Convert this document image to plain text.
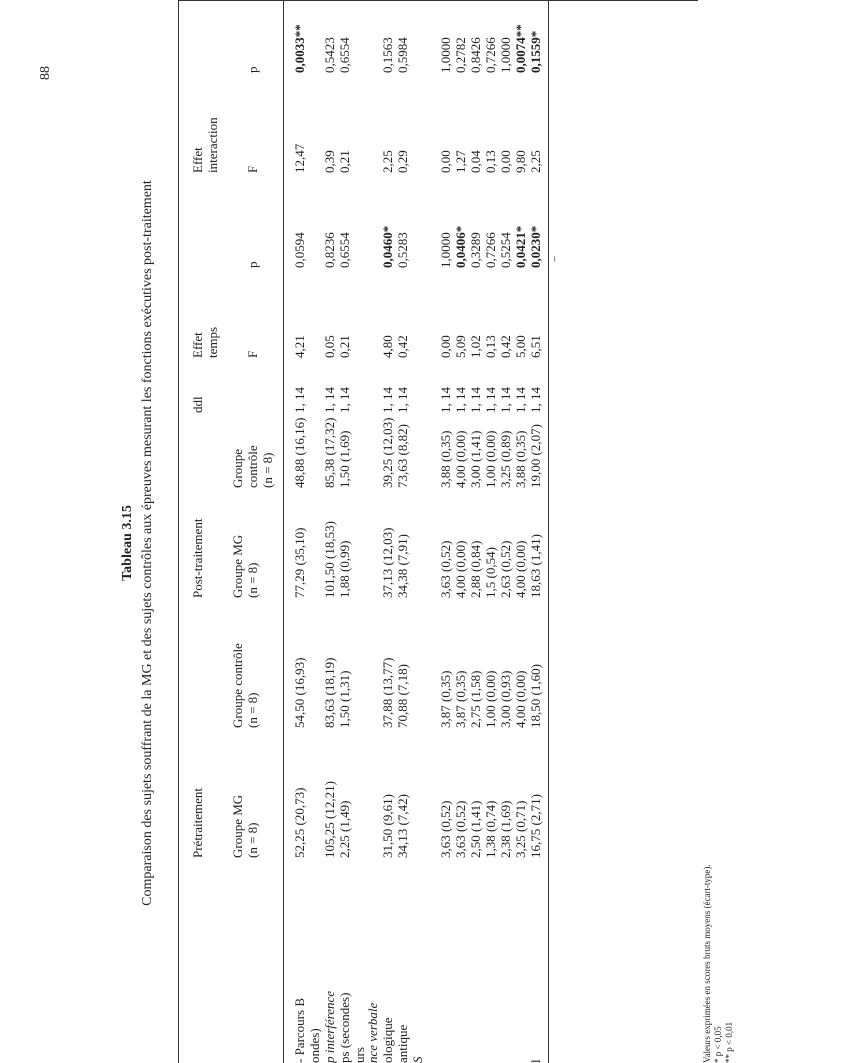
88
‾
Tableau 3.15 Comparaison des sujets souffrant de la MG et des sujets contrôles aux épreuves mesurant les fonctions exécutives post-traitement	Prétraitement
Post-traitement
ddl
Effet temps
Effet interaction
Groupe MG (n = 8)
Groupe contrôle (n = 8)
Groupe MG (n = 8)
Groupe contrôle (n = 8)
F
p
F
p
- Parcours B ondes) p interférence ps (secondes) urs
nce verbale ologique antique S
52,25 (20,73)
54,50 (16,93)
77,29 (35,10)
48,88 (16,16)
1, 14
4,21
0,0594
12,47
0,0033**
105,25 (12,21)
83,63 (18,19)
101,50 (18,53)
85,38 (17,32)
1, 14
0,05
0,8236
0,39
0,5423
2,25 (1,49)
1,50 (1,31)
1,88 (0,99)
1,50 (1,69)
1, 14
0,21
0,6554
0,21
0,6554
31,50 (9,61)
37,88 (13,77)
37,13 (12,03)
39,25 (12,03)
1, 14
4,80
0,0460*
2,25
0,1563
34,13 (7,42)
70,88 (7,18)
34,38 (7,91)
73,63 (8,82)
1, 14
0,42
0,5283
0,29
0,5984
3,63 (0,52)
3,87 (0,35)
3,63 (0,52)
3,88 (0,35)
1, 14
0,00
1,0000
0,00
1,0000
3,63 (0,52)
3,87 (0,35)
4,00 (0,00)
4,00 (0,00)
1, 14
5,09
0,0406*
1,27
0,2782
2,50 (1,41)
2,75 (1,58)
2,88 (0,84)
3,00 (1,41)
1, 14
1,02
0,3289
0,04
0,8426
1,38 (0,74)
1,00 (0,00)
1,5 (0,54)
1,00 (0,00)
1, 14
0,13
0,7266
0,13
0,7266
2,38 (1,69)
3,00 (0,93)
2,63 (0,52)
3,25 (0,89)
1, 14
0,42
0,5254
0,00
1,0000
3,25 (0,71)
4,00 (0,00)
4,00 (0,00)
3,88 (0,35)
1, 14
5,00
0,0421*
9,80
0,0074**
16,75 (2,71)
18,50 (1,60)
18,63 (1,41)
19,00 (2,07)
1, 14
6,51
0,0230*
2,25
0,1559*
l	Valeurs exprimées en scores bruts moyens (écart-type). * p < 0,05 ** p < 0,01
